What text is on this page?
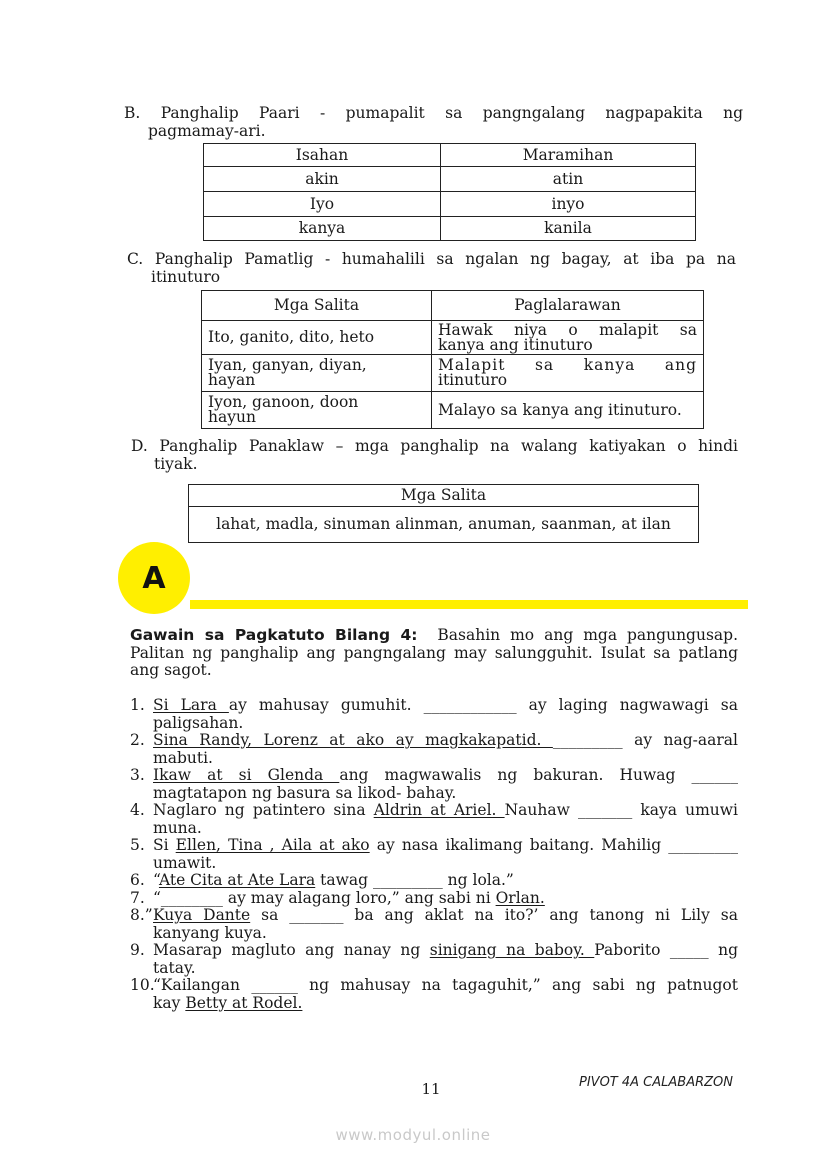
B. Panghalip Paari - pumapalit sa pangngalang nagpapakita ng
pagmamay-ari.
Isahan	Maramihan
akin	atin
Iyo	inyo
kanya	kanila
C. Panghalip Pamatlig - humahalili sa ngalan ng bagay, at iba pa na
itinuturo
Mga Salita	Paglalarawan
Ito, ganito, dito, heto	Hawak niya o malapit sa
kanya ang itinuturo

Iyan, ganyan, diyan,
hayan	Malapit sa kanya ang
itinuturo

Iyon, ganoon, doon
hayun	Malayo sa kanya ang itinuturo.
D. Panghalip Panaklaw – mga panghalip na walang katiyakan o hindi
tiyak.
Mga Salita
lahat, madla, sinuman alinman, anuman, saanman, at ilan
A
Gawain sa Pagkatuto Bilang 4: Basahin mo ang mga pangungusap.
Palitan ng panghalip ang pangngalang may salungguhit. Isulat sa patlang
ang sagot.
1. Si Lara ay mahusay gumuhit. ____________ ay laging nagwawagi sa
paligsahan.
2. Sina Randy, Lorenz at ako ay magkakapatid. _________ ay nag-aaral
mabuti.
3. Ikaw at si Glenda ang magwawalis ng bakuran. Huwag ______
magtatapon ng basura sa likod- bahay.
4. Naglaro ng patintero sina Aldrin at Ariel. Nauhaw _______ kaya umuwi
muna.
5. Si Ellen, Tina , Aila at ako ay nasa ikalimang baitang. Mahilig _________
umawit.
6. “Ate Cita at Ate Lara tawag _________ ng lola.”
7. “________ ay may alagang loro,” ang sabi ni Orlan.
8.” Kuya Dante sa _______ ba ang aklat na ito?’ ang tanong ni Lily sa
kanyang kuya.
9. Masarap magluto ang nanay ng sinigang na baboy. Paborito _____ ng
tatay.
10.
“Kailangan ______ ng mahusay na tagaguhit,” ang sabi ng patnugot
kay Betty at Rodel.
PIVOT 4A CALABARZON
11
www.modyul.online
